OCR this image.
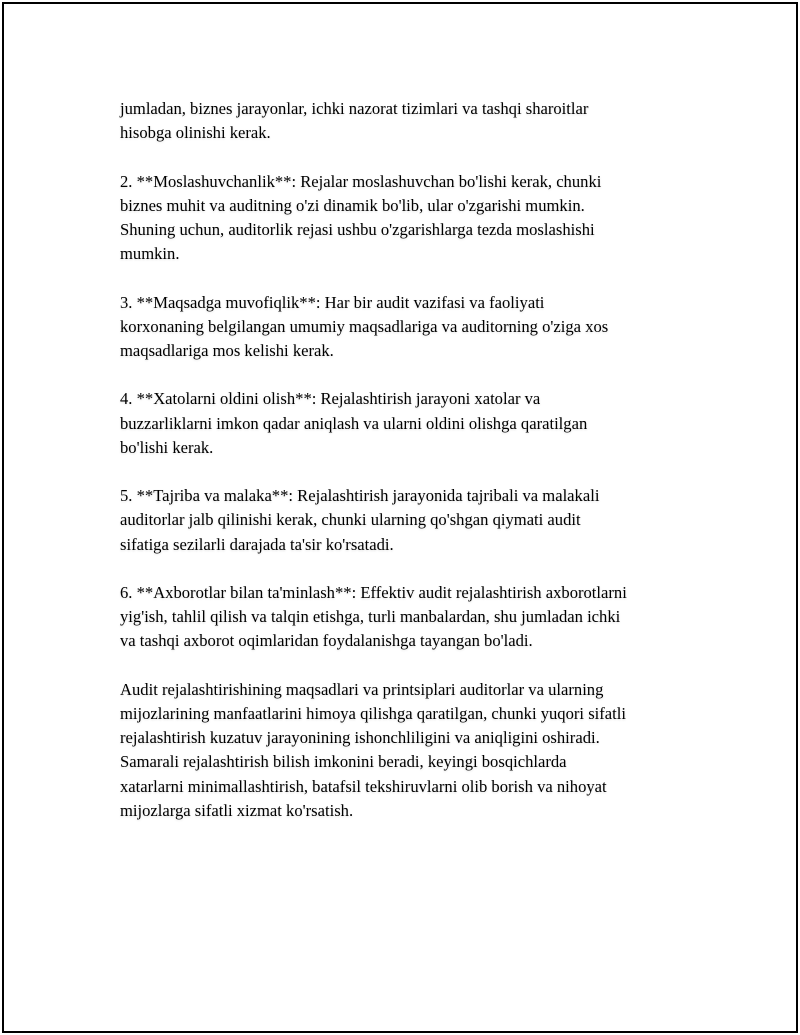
jumladan, biznes jarayonlar, ichki nazorat tizimlari va tashqi sharoitlar
hisobga olinishi kerak.

2. **Moslashuvchanlik**: Rejalar moslashuvchan bo'lishi kerak, chunki
biznes muhit va auditning o'zi dinamik bo'lib, ular o'zgarishi mumkin.
Shuning uchun, auditorlik rejasi ushbu o'zgarishlarga tezda moslashishi
mumkin.

3. **Maqsadga muvofiqlik**: Har bir audit vazifasi va faoliyati
korxonaning belgilangan umumiy maqsadlariga va auditorning o'ziga xos
maqsadlariga mos kelishi kerak.

4. **Xatolarni oldini olish**: Rejalashtirish jarayoni xatolar va
buzzarliklarni imkon qadar aniqlash va ularni oldini olishga qaratilgan
bo'lishi kerak.

5. **Tajriba va malaka**: Rejalashtirish jarayonida tajribali va malakali
auditorlar jalb qilinishi kerak, chunki ularning qo'shgan qiymati audit
sifatiga sezilarli darajada ta'sir ko'rsatadi.

6. **Axborotlar bilan ta'minlash**: Effektiv audit rejalashtirish axborotlarni
yig'ish, tahlil qilish va talqin etishga, turli manbalardan, shu jumladan ichki
va tashqi axborot oqimlaridan foydalanishga tayangan bo'ladi.

Audit rejalashtirishining maqsadlari va printsiplari auditorlar va ularning
mijozlarining manfaatlarini himoya qilishga qaratilgan, chunki yuqori sifatli
rejalashtirish kuzatuv jarayonining ishonchliligini va aniqligini oshiradi.
Samarali rejalashtirish bilish imkonini beradi, keyingi bosqichlarda
xatarlarni minimallashtirish, batafsil tekshiruvlarni olib borish va nihoyat
mijozlarga sifatli xizmat ko'rsatish.
